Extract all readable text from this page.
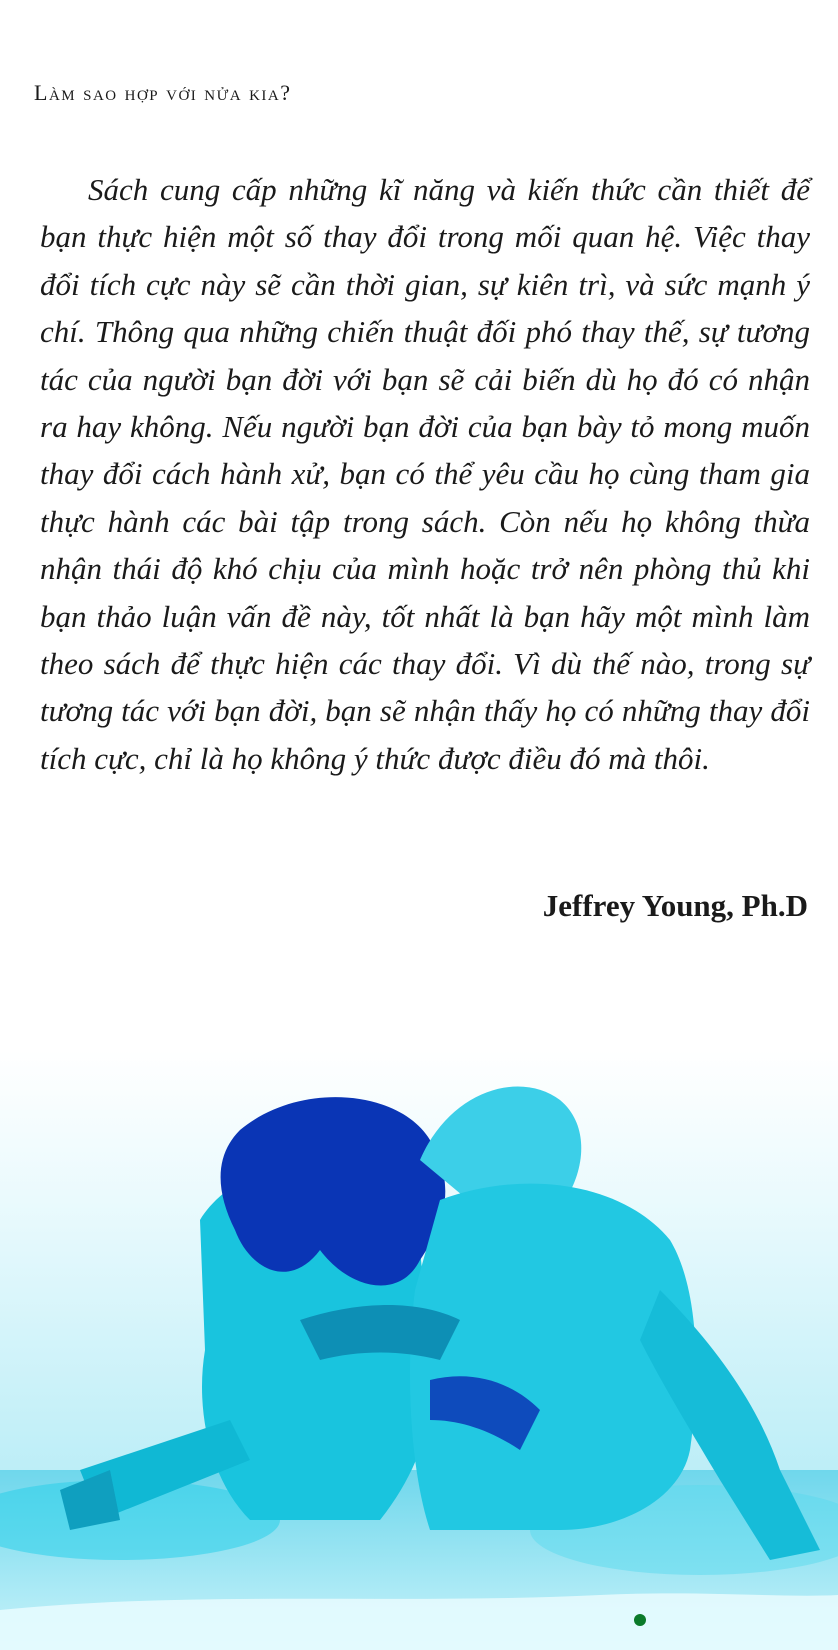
Làm sao hợp với nửa kia?

Sách cung cấp những kĩ năng và kiến thức cần thiết để bạn thực hiện một số thay đổi trong mối quan hệ. Việc thay đổi tích cực này sẽ cần thời gian, sự kiên trì, và sức mạnh ý chí. Thông qua những chiến thuật đối phó thay thế, sự tương tác của người bạn đời với bạn sẽ cải biến dù họ đó có nhận ra hay không. Nếu người bạn đời của bạn bày tỏ mong muốn thay đổi cách hành xử, bạn có thể yêu cầu họ cùng tham gia thực hành các bài tập trong sách. Còn nếu họ không thừa nhận thái độ khó chịu của mình hoặc trở nên phòng thủ khi bạn thảo luận vấn đề này, tốt nhất là bạn hãy một mình làm theo sách để thực hiện các thay đổi. Vì dù thế nào, trong sự tương tác với bạn đời, bạn sẽ nhận thấy họ có những thay đổi tích cực, chỉ là họ không ý thức được điều đó mà thôi.

Jeffrey Young, Ph.D
